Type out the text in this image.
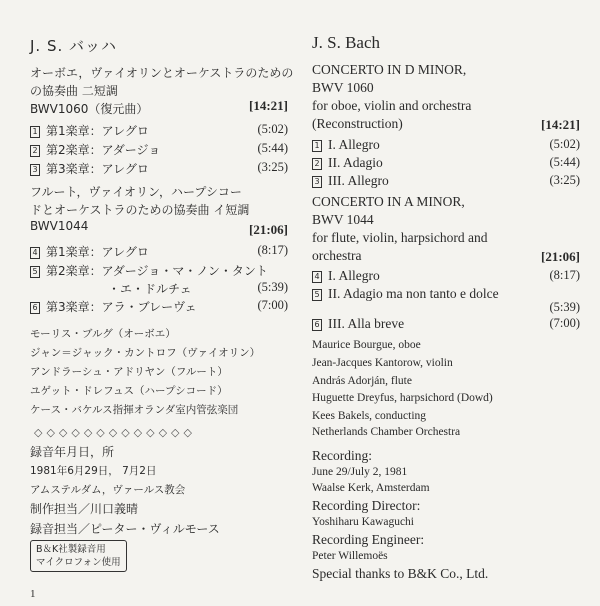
J. S. バッハ
オーボエ，ヴァイオリンとオーケストラのための
の協奏曲 二短調
BWV1060（復元曲）	[14:21]
1 第1楽章：アレグロ	(5:02)
2 第2楽章：アダージョ	(5:44)
3 第3楽章：アレグロ	(3:25)
フルート，ヴァイオリン，ハープシコー
ドとオーケストラのための協奏曲 イ短調
BWV1044	[21:06]
4 第1楽章：アレグロ	(8:17)
5 第2楽章：アダージョ・マ・ノン・タント
・エ・ドルチェ	(5:39)
6 第3楽章：アラ・ブレーヴェ	(7:00)
モーリス・ブルグ（オーボエ）
ジャン＝ジャック・カントロフ（ヴァイオリン）
アンドラーシュ・アドリヤン（フルート）
ユゲット・ドレフュス（ハープシコード）
ケース・バケルス指揮オランダ室内管弦楽団
◇◇◇◇◇◇◇◇◇◇◇◇◇
録音年月日，所
1981年6月29日， 7月2日
アムステルダム，ヴァールス教会
制作担当／川口義晴
録音担当／ピーター・ヴィルモース
B＆K社製録音用
マイクロフォン使用
1
J. S. Bach
CONCERTO IN D MINOR,
BWV 1060
for oboe, violin and orchestra
(Reconstruction)	[14:21]
1 I. Allegro	(5:02)
2 II. Adagio	(5:44)
3 III. Allegro	(3:25)
CONCERTO IN A MINOR,
BWV 1044
for flute, violin, harpsichord and
orchestra	[21:06]
4 I. Allegro	(8:17)
5 II. Adagio ma non tanto e dolce
(5:39)
6 III. Alla breve	(7:00)
Maurice Bourgue, oboe
Jean-Jacques Kantorow, violin
András Adorján, flute
Huguette Dreyfus, harpsichord (Dowd)
Kees Bakels, conducting
Netherlands Chamber Orchestra
Recording:
June 29/July 2, 1981
Waalse Kerk, Amsterdam
Recording Director:
Yoshiharu Kawaguchi
Recording Engineer:
Peter Willemoës
Special thanks to B&K Co., Ltd.
